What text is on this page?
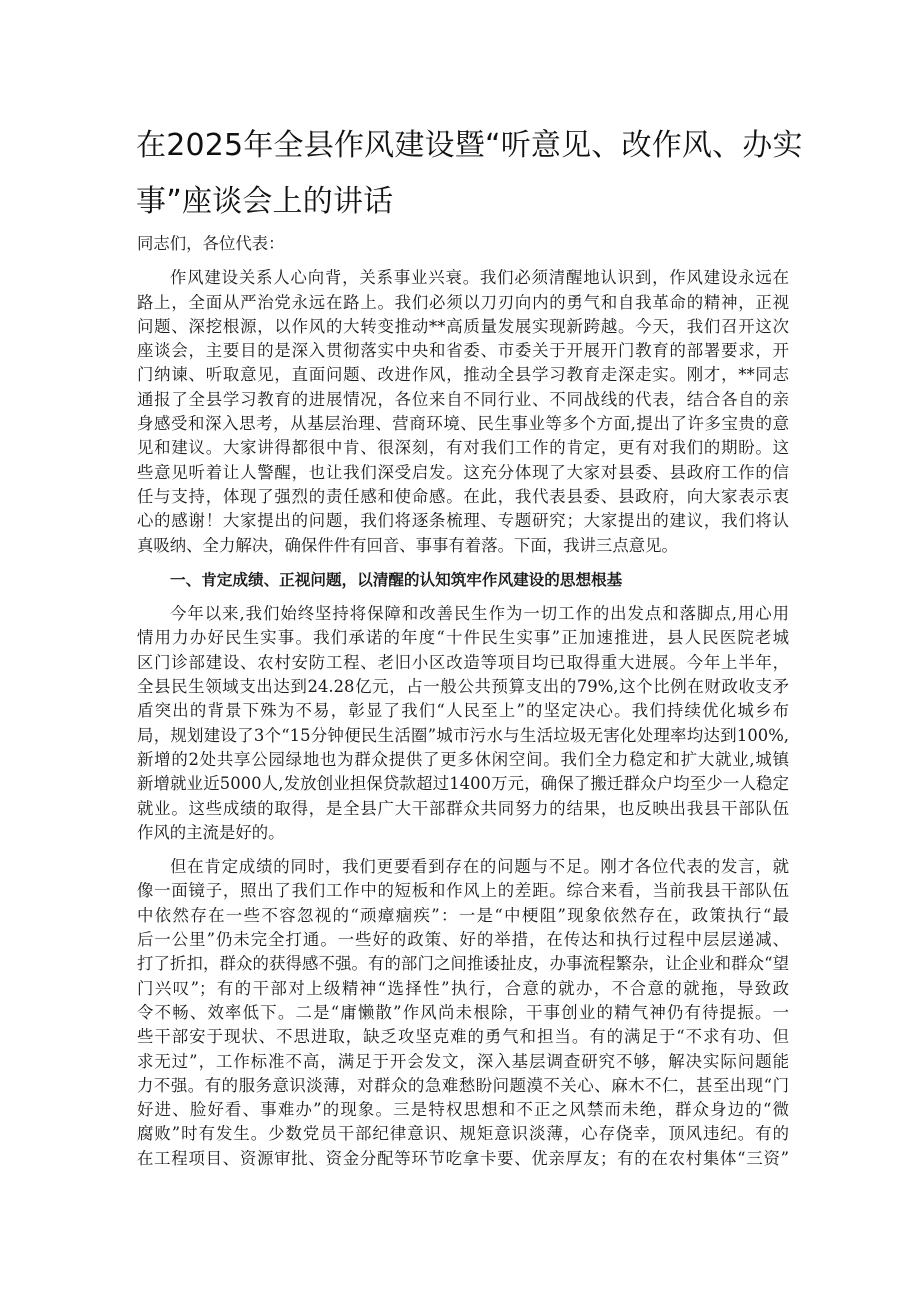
在2025年全县作风建设暨“听意见、改作风、办实
事”座谈会上的讲话
同志们，各位代表：
作风建设关系人心向背，关系事业兴衰。我们必须清醒地认识到，作风建设永远在
路上，全面从严治党永远在路上。我们必须以刀刃向内的勇气和自我革命的精神，正视
问题、深挖根源，以作风的大转变推动**高质量发展实现新跨越。今天，我们召开这次
座谈会，主要目的是深入贯彻落实中央和省委、市委关于开展开门教育的部署要求，开
门纳谏、听取意见，直面问题、改进作风，推动全县学习教育走深走实。刚才，**同志
通报了全县学习教育的进展情况，各位来自不同行业、不同战线的代表，结合各自的亲
身感受和深入思考，从基层治理、营商环境、民生事业等多个方面,提出了许多宝贵的意
见和建议。大家讲得都很中肯、很深刻，有对我们工作的肯定，更有对我们的期盼。这
些意见听着让人警醒，也让我们深受启发。这充分体现了大家对县委、县政府工作的信
任与支持，体现了强烈的责任感和使命感。在此，我代表县委、县政府，向大家表示衷
心的感谢！大家提出的问题，我们将逐条梳理、专题研究；大家提出的建议，我们将认
真吸纳、全力解决，确保件件有回音、事事有着落。下面，我讲三点意见。
一、肯定成绩、正视问题，以清醒的认知筑牢作风建设的思想根基
今年以来,我们始终坚持将保障和改善民生作为一切工作的出发点和落脚点,用心用
情用力办好民生实事。我们承诺的年度“十件民生实事”正加速推进，县人民医院老城
区门诊部建设、农村安防工程、老旧小区改造等项目均已取得重大进展。今年上半年，
全县民生领域支出达到24.28亿元，占一般公共预算支出的79%,这个比例在财政收支矛
盾突出的背景下殊为不易，彰显了我们“人民至上”的坚定决心。我们持续优化城乡布
局，规划建设了3个“15分钟便民生活圈”城市污水与生活垃圾无害化处理率均达到100%,
新增的2处共享公园绿地也为群众提供了更多休闲空间。我们全力稳定和扩大就业,城镇
新增就业近5000人,发放创业担保贷款超过1400万元，确保了搬迁群众户均至少一人稳定
就业。这些成绩的取得，是全县广大干部群众共同努力的结果，也反映出我县干部队伍
作风的主流是好的。
但在肯定成绩的同时，我们更要看到存在的问题与不足。刚才各位代表的发言，就
像一面镜子，照出了我们工作中的短板和作风上的差距。综合来看，当前我县干部队伍
中依然存在一些不容忽视的“顽瘴痼疾”：一是“中梗阻”现象依然存在，政策执行“最
后一公里”仍未完全打通。一些好的政策、好的举措，在传达和执行过程中层层递减、
打了折扣，群众的获得感不强。有的部门之间推诿扯皮，办事流程繁杂，让企业和群众“望
门兴叹”；有的干部对上级精神“选择性”执行，合意的就办，不合意的就拖，导致政
令不畅、效率低下。二是“庸懒散”作风尚未根除，干事创业的精气神仍有待提振。一
些干部安于现状、不思进取，缺乏攻坚克难的勇气和担当。有的满足于“不求有功、但
求无过”，工作标准不高，满足于开会发文，深入基层调查研究不够，解决实际问题能
力不强。有的服务意识淡薄，对群众的急难愁盼问题漠不关心、麻木不仁，甚至出现“门
好进、脸好看、事难办”的现象。三是特权思想和不正之风禁而未绝，群众身边的“微
腐败”时有发生。少数党员干部纪律意识、规矩意识淡薄，心存侥幸，顶风违纪。有的
在工程项目、资源审批、资金分配等环节吃拿卡要、优亲厚友；有的在农村集体“三资”
